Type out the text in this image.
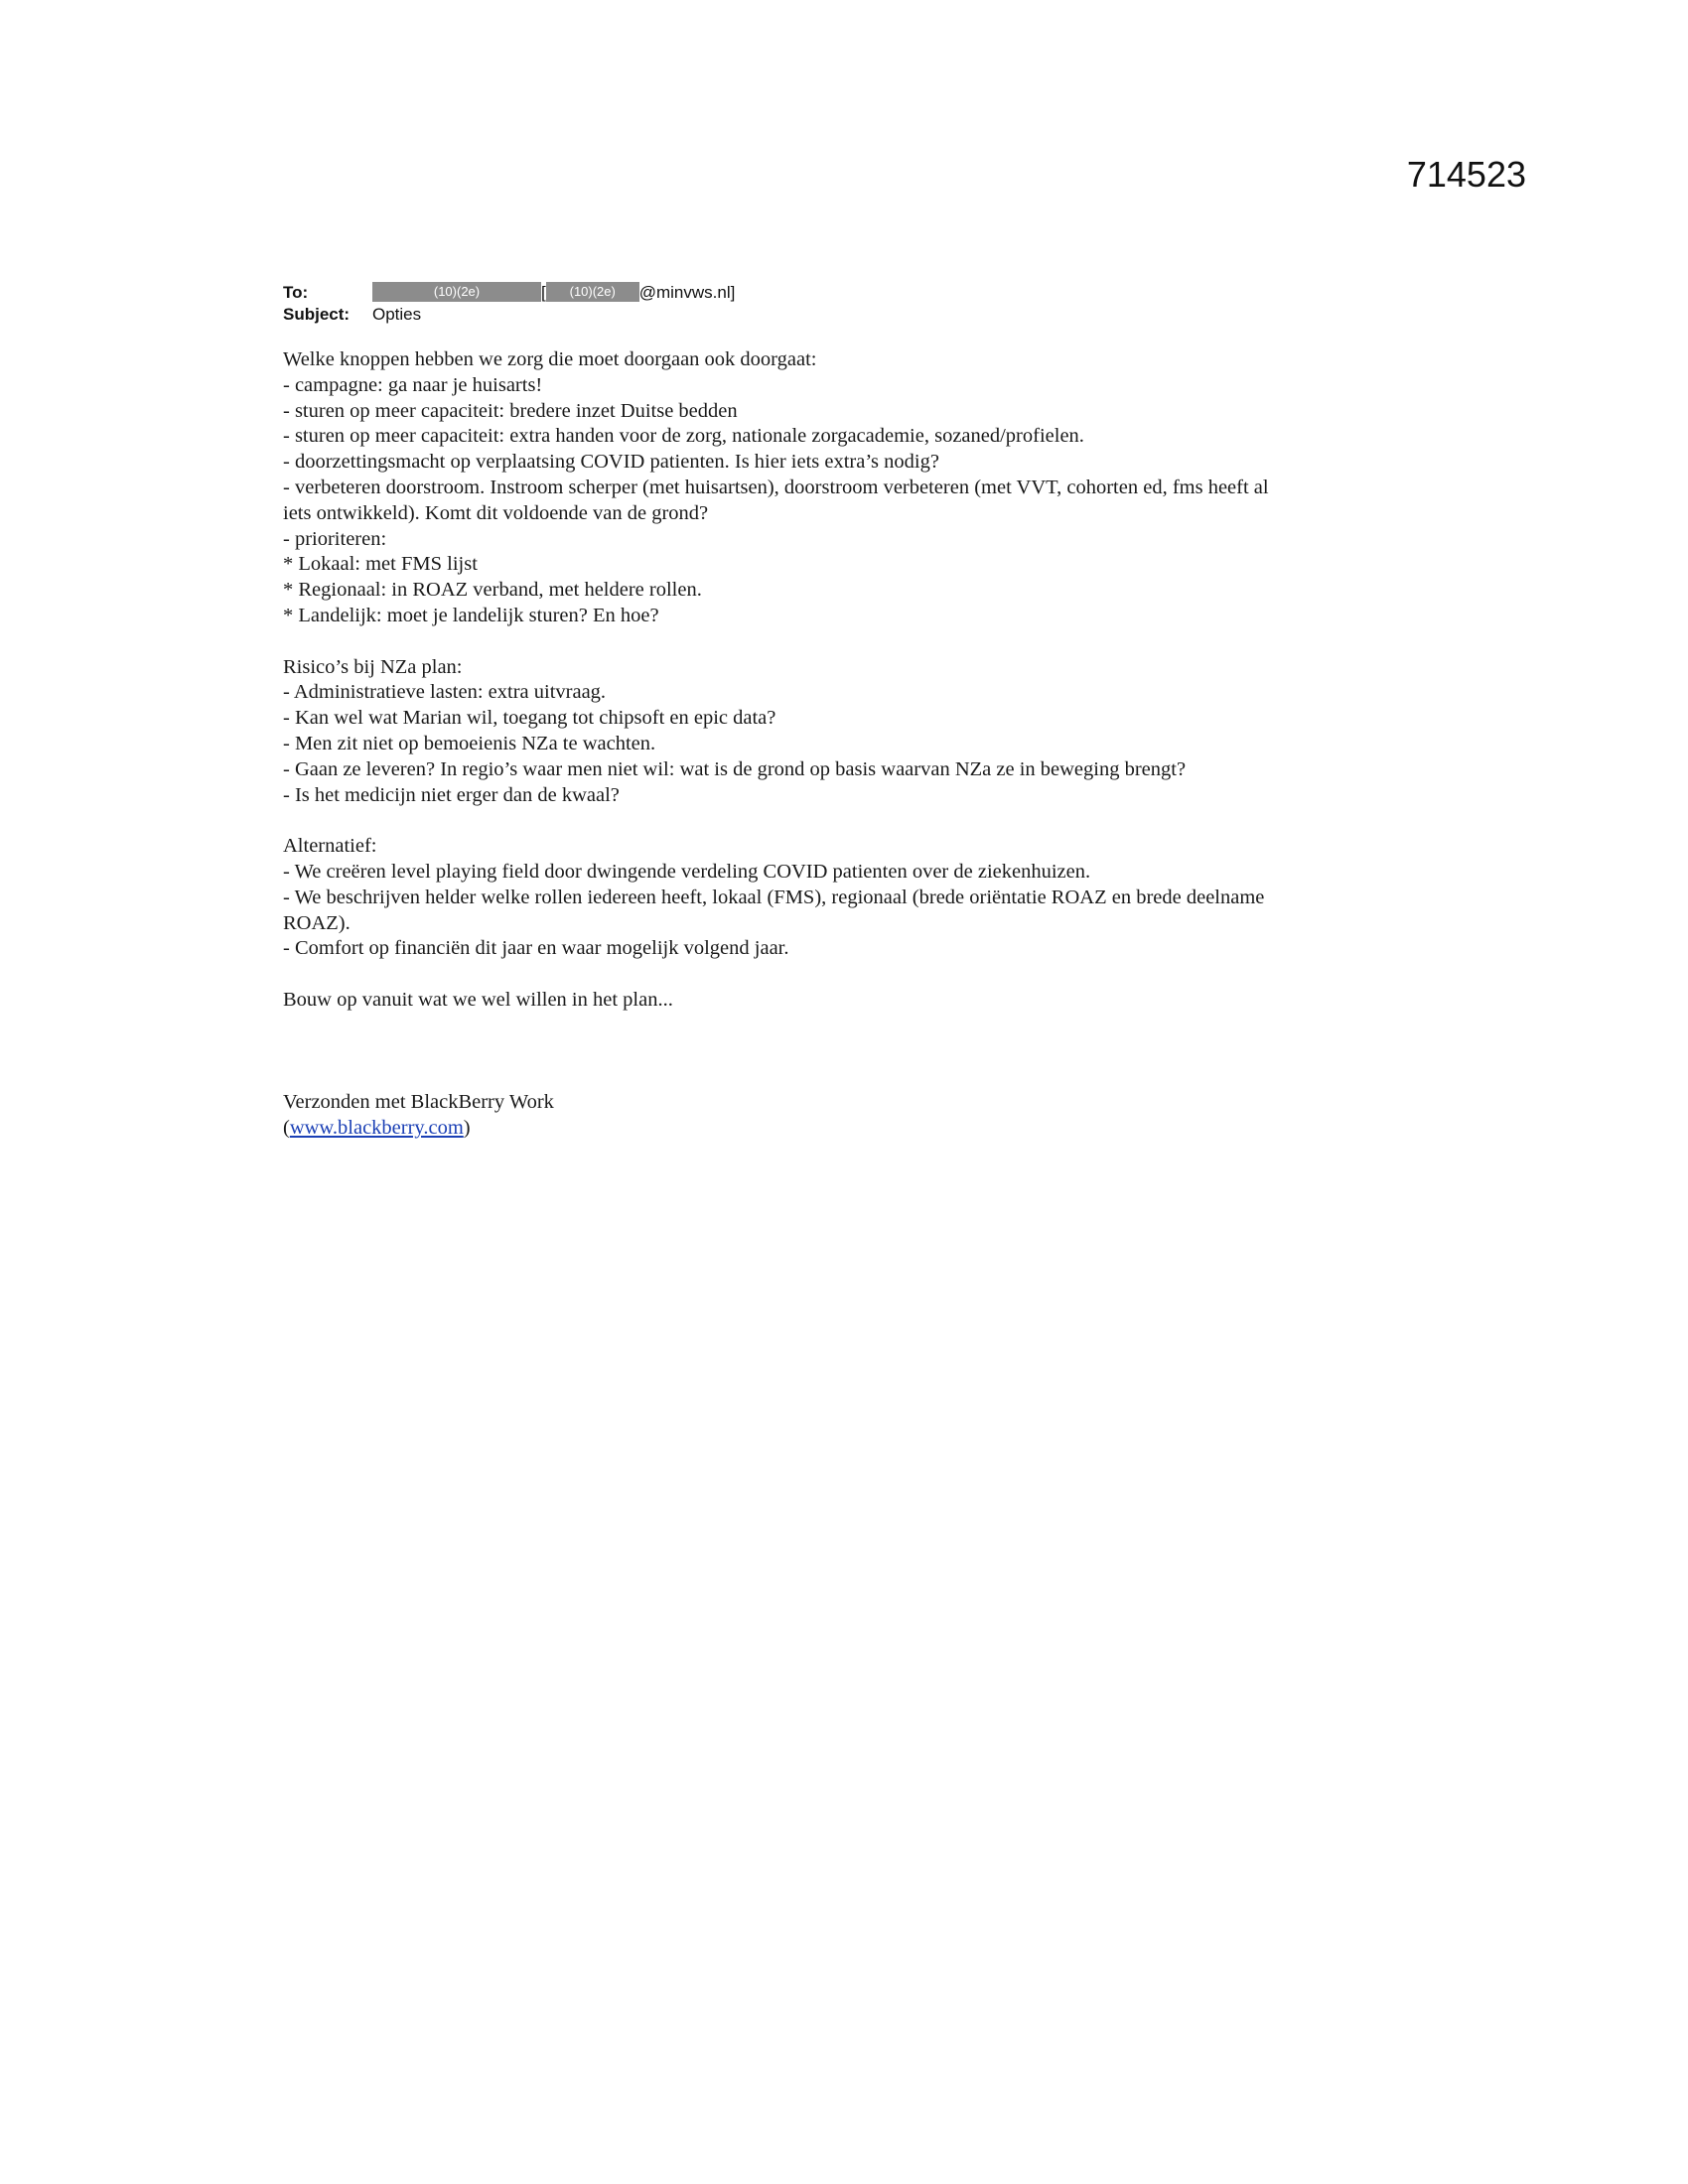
714523
To:	(10)(2e)	[ (10)(2e) @minvws.nl]
Subject: Opties
Welke knoppen hebben we zorg die moet doorgaan ook doorgaat:
- campagne: ga naar je huisarts!
- sturen op meer capaciteit: bredere inzet Duitse bedden
- sturen op meer capaciteit: extra handen voor de zorg, nationale zorgacademie, sozaned/profielen.
- doorzettingsmacht op verplaatsing COVID patienten. Is hier iets extra’s nodig?
- verbeteren doorstroom. Instroom scherper (met huisartsen), doorstroom verbeteren (met VVT, cohorten ed, fms heeft al
iets ontwikkeld). Komt dit voldoende van de grond?
- prioriteren:
* Lokaal: met FMS lijst
* Regionaal: in ROAZ verband, met heldere rollen.
* Landelijk: moet je landelijk sturen? En hoe?
Risico’s bij NZa plan:
- Administratieve lasten: extra uitvraag.
- Kan wel wat Marian wil, toegang tot chipsoft en epic data?
- Men zit niet op bemoeienis NZa te wachten.
- Gaan ze leveren? In regio’s waar men niet wil: wat is de grond op basis waarvan NZa ze in beweging brengt?
- Is het medicijn niet erger dan de kwaal?
Alternatief:
- We creëren level playing field door dwingende verdeling COVID patienten over de ziekenhuizen.
- We beschrijven helder welke rollen iedereen heeft, lokaal (FMS), regionaal (brede oriëntatie ROAZ en brede deelname
ROAZ).
- Comfort op financiën dit jaar en waar mogelijk volgend jaar.
Bouw op vanuit wat we wel willen in het plan...
Verzonden met BlackBerry Work
(www.blackberry.com)
